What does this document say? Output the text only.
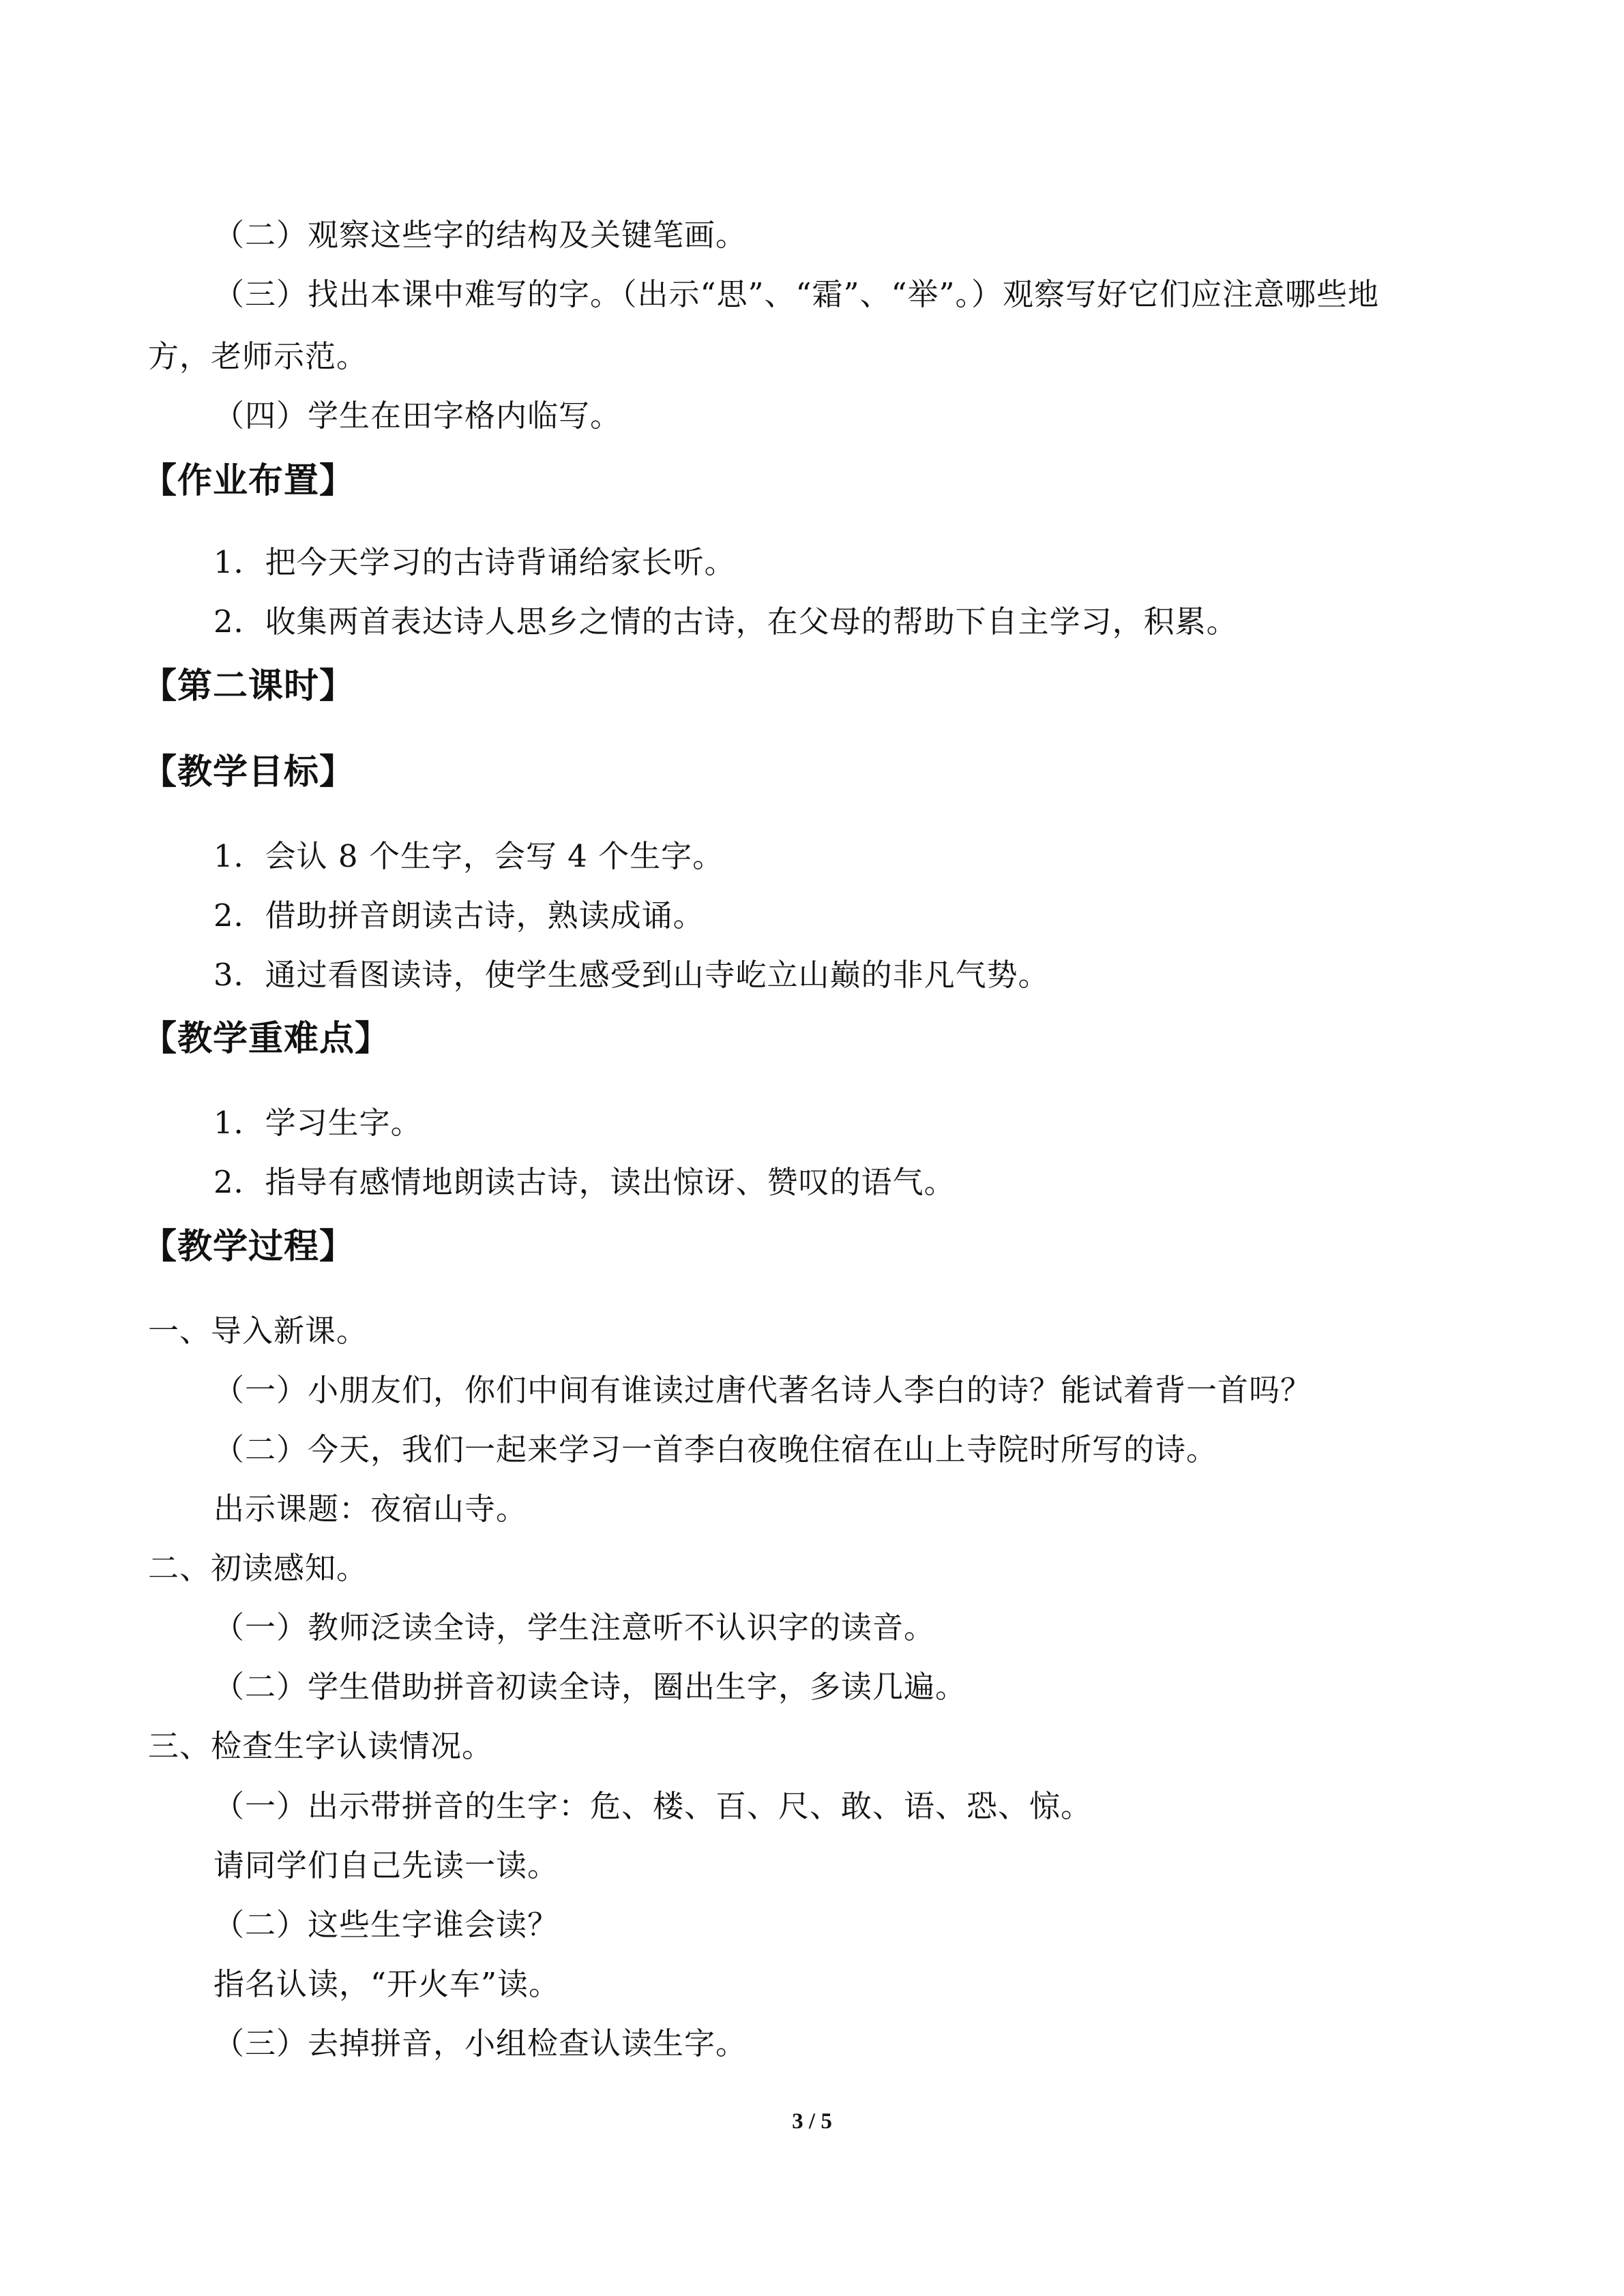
（二）观察这些字的结构及关键笔画。
（三）找出本课中难写的字。（出示“思”、“霜”、“举”。）观察写好它们应注意哪些地
方，老师示范。
（四）学生在田字格内临写。
【作业布置】
1．把今天学习的古诗背诵给家长听。
2．收集两首表达诗人思乡之情的古诗，在父母的帮助下自主学习，积累。
【第二课时】
【教学目标】
1．会认 8 个生字，会写 4 个生字。
2．借助拼音朗读古诗，熟读成诵。
3．通过看图读诗，使学生感受到山寺屹立山巅的非凡气势。
【教学重难点】
1．学习生字。
2．指导有感情地朗读古诗，读出惊讶、赞叹的语气。
【教学过程】
一、导入新课。
（一）小朋友们，你们中间有谁读过唐代著名诗人李白的诗？能试着背一首吗？
（二）今天，我们一起来学习一首李白夜晚住宿在山上寺院时所写的诗。
出示课题：夜宿山寺。
二、初读感知。
（一）教师泛读全诗，学生注意听不认识字的读音。
（二）学生借助拼音初读全诗，圈出生字，多读几遍。
三、检查生字认读情况。
（一）出示带拼音的生字：危、楼、百、尺、敢、语、恐、惊。
请同学们自己先读一读。
（二）这些生字谁会读？
指名认读，“开火车”读。
（三）去掉拼音，小组检查认读生字。
3 / 5
